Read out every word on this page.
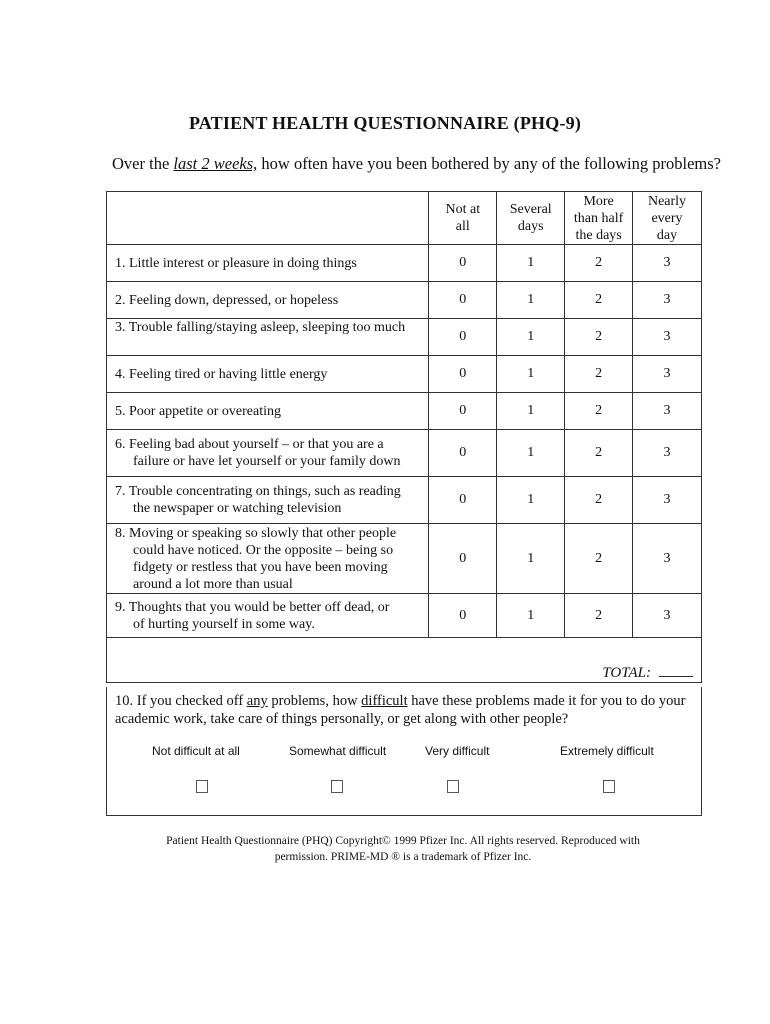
PATIENT HEALTH QUESTIONNAIRE (PHQ-9)
Over the last 2 weeks, how often have you been bothered by any of the following problems?
	Not at
all	Several
days	More
than half
the days	Nearly
every
day
1. Little interest or pleasure in doing things	0	1	2	3
2. Feeling down, depressed, or hopeless	0	1	2	3
3. Trouble falling/staying asleep, sleeping too much	0	1	2	3
4. Feeling tired or having little energy	0	1	2	3
5. Poor appetite or overeating	0	1	2	3
6. Feeling bad about yourself – or that you are a
failure or have let yourself or your family down	0	1	2	3
7. Trouble concentrating on things, such as reading
the newspaper or watching television	0	1	2	3
8. Moving or speaking so slowly that other people
could have noticed. Or the opposite – being so
fidgety or restless that you have been moving
around a lot more than usual	0	1	2	3
9. Thoughts that you would be better off dead, or
of hurting yourself in some way.	0	1	2	3
TOTAL:				
10. If you checked off any problems, how difficult have these problems made it for you to do your academic work, take care of things personally, or get along with other people?
Not difficult at all	Somewhat difficult	Very difficult	Extremely difficult
Patient Health Questionnaire (PHQ) Copyright© 1999 Pfizer Inc. All rights reserved. Reproduced with
permission. PRIME-MD ® is a trademark of Pfizer Inc.
